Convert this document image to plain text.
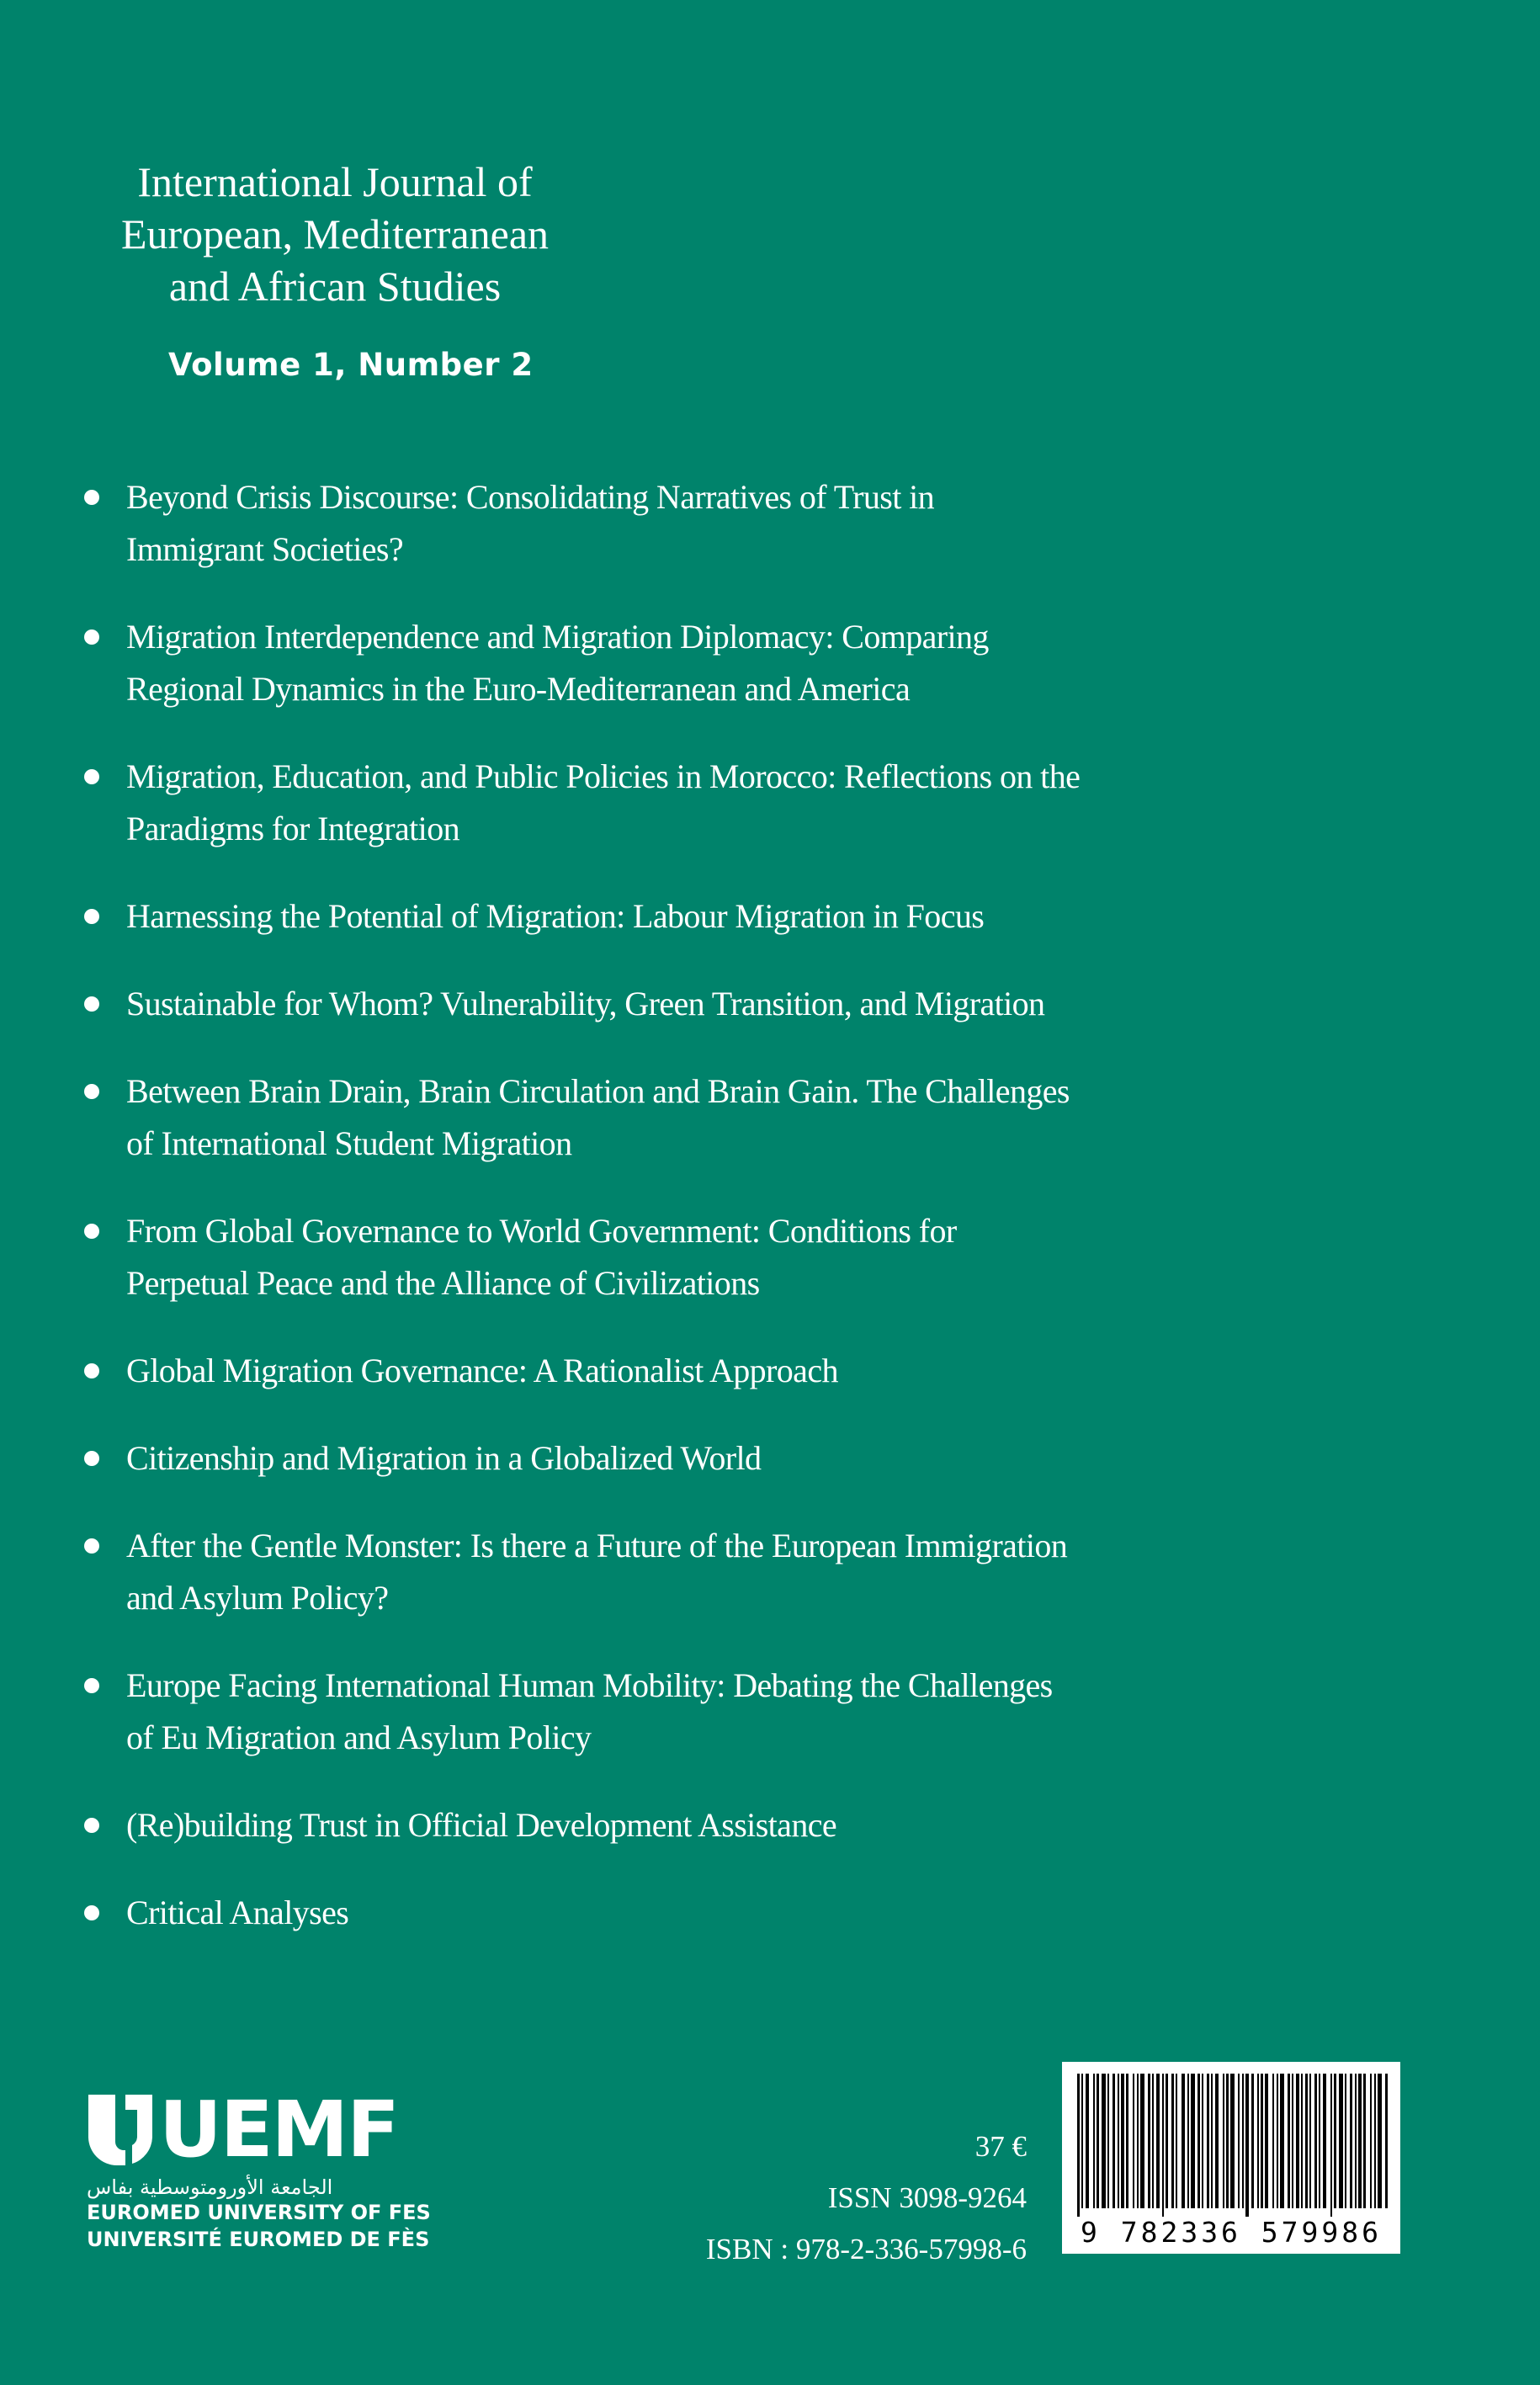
International Journal of
European, Mediterranean
and African Studies
Volume 1, Number 2
Beyond Crisis Discourse: Consolidating Narratives of Trust in
Immigrant Societies?
Migration Interdependence and Migration Diplomacy: Comparing
Regional Dynamics in the Euro-Mediterranean and America
Migration, Education, and Public Policies in Morocco: Reflections on the
Paradigms for Integration
Harnessing the Potential of Migration: Labour Migration in Focus
Sustainable for Whom? Vulnerability, Green Transition, and Migration
Between Brain Drain, Brain Circulation and Brain Gain. The Challenges
of International Student Migration
From Global Governance to World Government: Conditions for
Perpetual Peace and the Alliance of Civilizations
Global Migration Governance: A Rationalist Approach
Citizenship and Migration in a Globalized World
After the Gentle Monster: Is there a Future of the European Immigration
and Asylum Policy?
Europe Facing International Human Mobility: Debating the Challenges
of Eu Migration and Asylum Policy
(Re)building Trust in Official Development Assistance
Critical Analyses
UEMF
الجامعة الأورومتوسطية بفاس
EUROMED UNIVERSITY OF FES
UNIVERSITÉ EUROMED DE FÈS
37 €
ISSN 3098-9264
ISBN : 978-2-336-57998-6
9 782336 579986
